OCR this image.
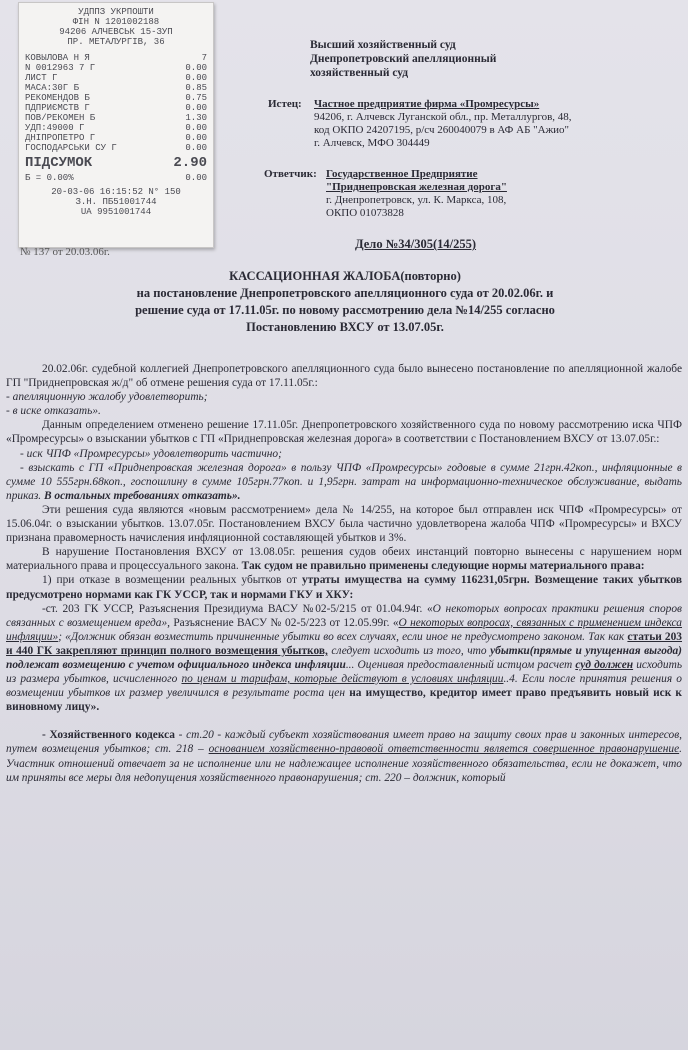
УДППЗ УКРПОШТИ
ФІН N 1201002188
94206 АЛЧЕВСЬК 15-ЗУП
ПР. МЕТАЛУРГІВ, 36
КОВЫЛОВА Н Я	7
N 0012963 7 Г	0.00
ЛИСТ Г	0.00
МАСА:30Г Б	0.85
РЕКОМЕНДОВ Б	0.75
ПДПРИЄМСТВ Г	0.00
ПОВ/РЕКОМЕН Б	1.30
УДП:49000 Г	0.00
ДНІПРОПЕТРО Г	0.00
ГОСПОДАРСЬКИ СУ Г	0.00
ПІДСУМОК	2.90
Б = 0.00%	0.00
20-03-06 16:15:52 N° 150
З.Н. ПБ51001744
UA 9951001744
№ 137 от 20.03.06г.
Высший хозяйственный суд
Днепропетровский апелляционный
хозяйственный суд
Истец: Частное предприятие фирма «Промресурсы»
94206, г. Алчевск Луганской обл., пр. Металлургов, 48,
код ОКПО 24207195, р/сч 260040079 в АФ АБ "Ажио"
г. Алчевск, МФО 304449
Ответчик: Государственное Предприятие
"Приднепровская железная дорога"
г. Днепропетровск, ул. К. Маркса, 108,
ОКПО 01073828
Дело №34/305(14/255)
КАССАЦИОННАЯ ЖАЛОБА(повторно)
на постановление Днепропетровского апелляционного суда от 20.02.06г. и
решение суда от 17.11.05г. по новому рассмотрению дела №14/255 согласно
Постановлению ВХСУ от 13.07.05г.

20.02.06г. судебной коллегией Днепропетровского апелляционного суда было вынесено постановление по апелляционной жалобе ГП "Приднепровская ж/д" об отмене решения суда от 17.11.05г.:

- апелляционную жалобу удовлетворить;

- в иске отказать».

Данным определением отменено решение 17.11.05г. Днепропетровского хозяйственного суда по новому рассмотрению иска ЧПФ «Промресурсы» о взыскании убытков с ГП «Приднепровская железная дорога» в соответствии с Постановлением ВХСУ от 13.07.05г.:

- иск ЧПФ «Промресурсы» удовлетворить частично;

- взыскать с ГП «Приднепровская железная дорога» в пользу ЧПФ «Промресурсы» годовые в сумме 21грн.42коп., инфляционные в сумме 10 555грн.68коп., госпошлину в сумме 105грн.77коп. и 1,95грн. затрат на информационно-техническое обслуживание, выдать приказ. В остальных требованиях отказать».

Эти решения суда являются «новым рассмотрением» дела № 14/255, на которое был отправлен иск ЧПФ «Промресурсы» от 15.06.04г. о взыскании убытков. 13.07.05г. Постановлением ВХСУ была частично удовлетворена жалоба ЧПФ «Промресурсы» и ВХСУ признана правомерность начисления инфляционной составляющей убытков и 3%.

В нарушение Постановления ВХСУ от 13.08.05г. решения судов обеих инстанций повторно вынесены с нарушением норм материального права и процессуального закона. Так судом не правильно применены следующие нормы материального права:

1) при отказе в возмещении реальных убытков от утраты имущества на сумму 116231,05грн. Возмещение таких убытков предусмотрено нормами как ГК УССР, так и нормами ГКУ и ХКУ:

-ст. 203 ГК УССР, Разъяснения Президиума ВАСУ №02-5/215 от 01.04.94г. «О некоторых вопросах практики решения споров связанных с возмещением вреда», Разъяснение ВАСУ № 02-5/223 от 12.05.99г. «О некоторых вопросах, связанных с применением индекса инфляции»; «Должник обязан возместить причиненные убытки во всех случаях, если иное не предусмотрено законом. Так как статьи 203 и 440 ГК закрепляют принцип полного возмещения убытков, следует исходить из того, что убытки(прямые и упущенная выгода) подлежат возмещению с учетом официального индекса инфляции... Оценивая предоставленный истцом расчет суд должен исходить из размера убытков, исчисленного по ценам и тарифам, которые действуют в условиях инфляции..4. Если после принятия решения о возмещении убытков их размер увеличился в результате роста цен на имущество, кредитор имеет право предъявить новый иск к виновному лицу».

- Хозяйственного кодекса - ст.20 - каждый субъект хозяйствования имеет право на защиту своих прав и законных интересов, путем возмещения убытков; ст. 218 – основанием хозяйственно-правовой ответственности является совершенное правонарушение. Участник отношений отвечает за не исполнение или не надлежащее исполнение хозяйственного обязательства, если не докажет, что им приняты все меры для недопущения хозяйственного правонарушения; ст. 220 – должник, который
